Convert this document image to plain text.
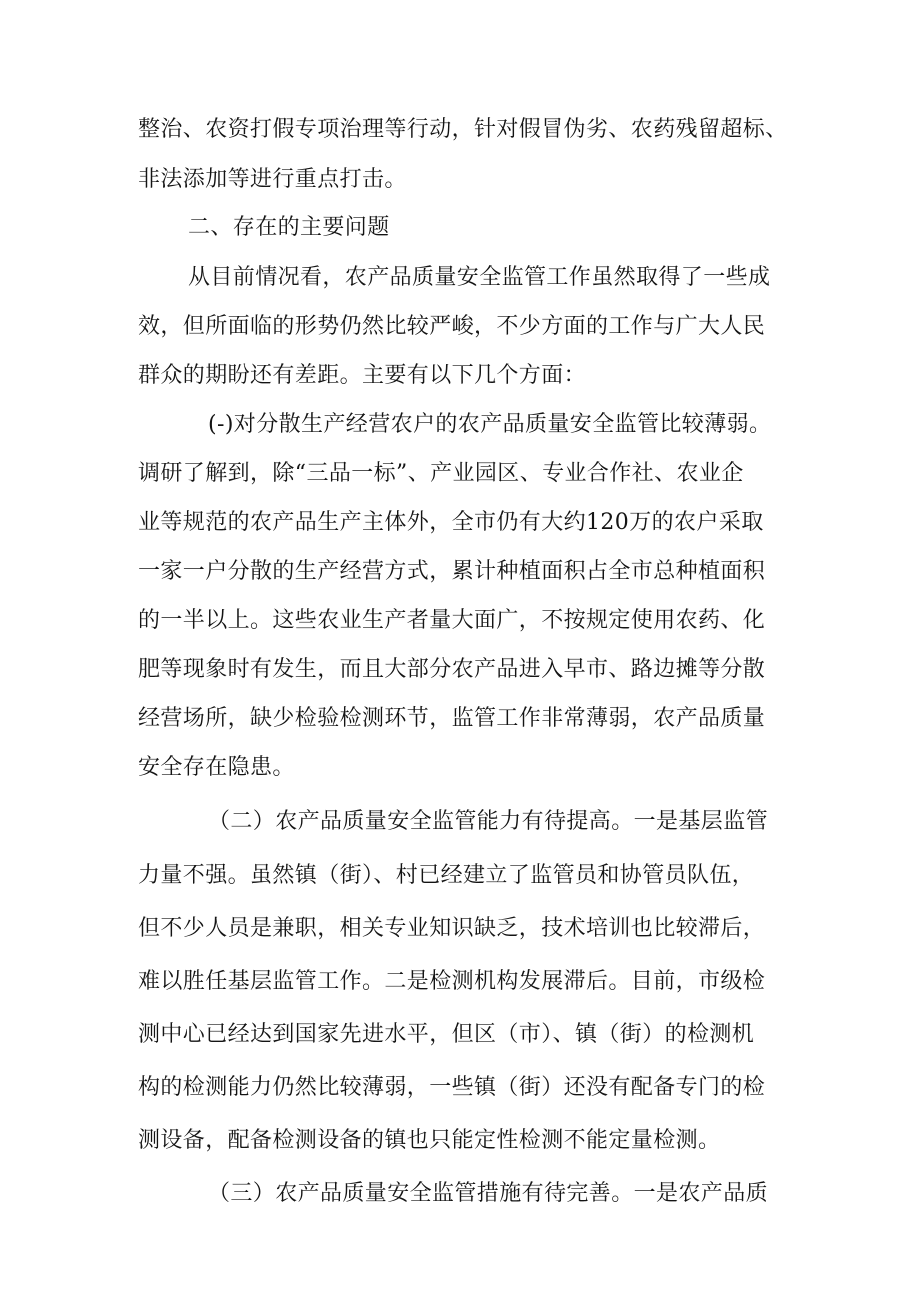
整治、农资打假专项治理等行动，针对假冒伪劣、农药残留超标、

非法添加等进行重点打击。

二、存在的主要问题

从目前情况看，农产品质量安全监管工作虽然取得了一些成

效，但所面临的形势仍然比较严峻，不少方面的工作与广大人民

群众的期盼还有差距。主要有以下几个方面：

(-)对分散生产经营农户的农产品质量安全监管比较薄弱。

调研了解到，除“三品一标”、产业园区、专业合作社、农业企

业等规范的农产品生产主体外，全市仍有大约120万的农户采取

一家一户分散的生产经营方式，累计种植面积占全市总种植面积

的一半以上。这些农业生产者量大面广，不按规定使用农药、化

肥等现象时有发生，而且大部分农产品进入早市、路边摊等分散

经营场所，缺少检验检测环节，监管工作非常薄弱，农产品质量

安全存在隐患。

（二）农产品质量安全监管能力有待提高。一是基层监管

力量不强。虽然镇（街）、村已经建立了监管员和协管员队伍，

但不少人员是兼职，相关专业知识缺乏，技术培训也比较滞后，

难以胜任基层监管工作。二是检测机构发展滞后。目前，市级检

测中心已经达到国家先进水平，但区（市）、镇（街）的检测机

构的检测能力仍然比较薄弱，一些镇（街）还没有配备专门的检

测设备，配备检测设备的镇也只能定性检测不能定量检测。

（三）农产品质量安全监管措施有待完善。一是农产品质
